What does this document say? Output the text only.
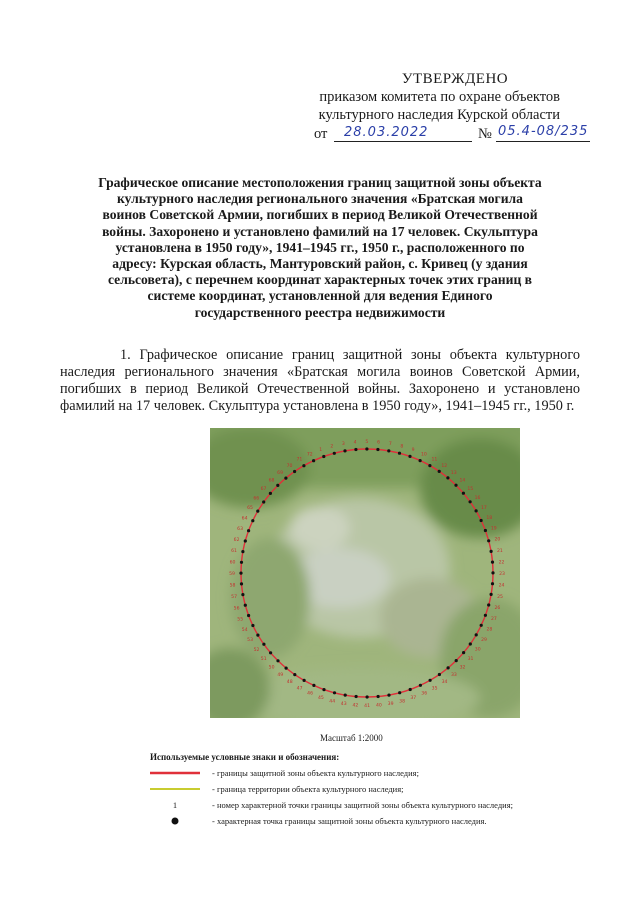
УТВЕРЖДЕНО
приказом комитета по охране объектов
культурного наследия Курской области
от 28.03.2022	№ 05.4-08/235
Графическое описание местоположения границ защитной зоны объекта культурного наследия регионального значения «Братская могила воинов Советской Армии, погибших в период Великой Отечественной войны. Захоронено и установлено фамилий на 17 человек. Скульптура установлена в 1950 году», 1941–1945 гг., 1950 г., расположенного по адресу: Курская область, Мантуровский район, с. Кривец (у здания сельсовета), с перечнем координат характерных точек этих границ в системе координат, установленной для ведения Единого государственного реестра недвижимости
1. Графическое описание границ защитной зоны объекта культурного наследия регионального значения «Братская могила воинов Советской Армии, погибших в период Великой Отечественной войны. Захоронено и установлено фамилий на 17 человек. Скульптура установлена в 1950 году», 1941–1945 гг., 1950 г.
1
2 3 4 5 6 7 8
9
10
11
12
13
14
15
16
17
18
19
20
21
22
23
24
25
26
27
28
29
30
31
32
33
34
35
36
37
38
39
40
41
42
43
44
45
46
47
48
49
50
51
52
53
54
55
56
57
58
59
60
61
62
63
64
65
66
67
68
69
70
71
72
Масштаб 1:2000
Используемые условные знаки и обозначения:
- границы защитной зоны объекта культурного наследия;
- граница территории объекта культурного наследия;
1	- номер характерной точки границы защитной зоны объекта культурного наследия;
- характерная точка границы защитной зоны объекта культурного наследия.
